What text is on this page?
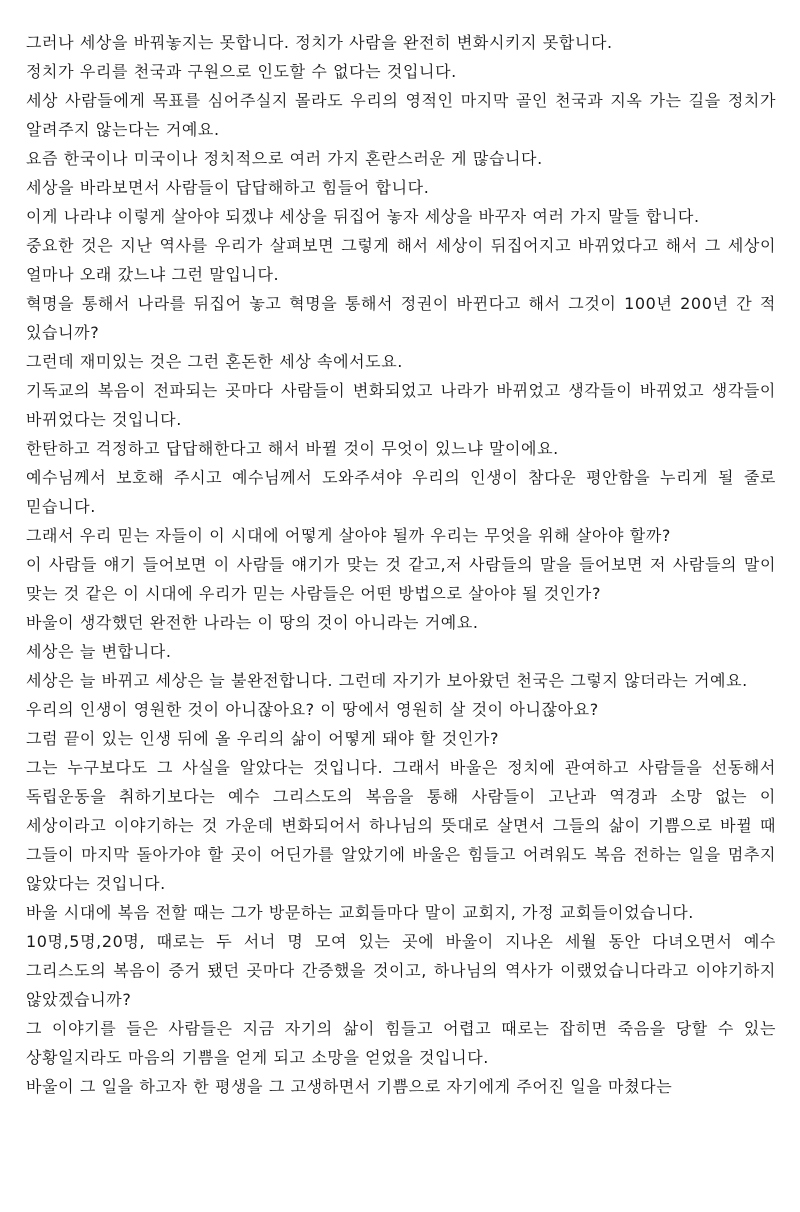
그러나 세상을 바꿔놓지는 못합니다. 정치가 사람을 완전히 변화시키지 못합니다.

정치가 우리를 천국과 구원으로 인도할 수 없다는 것입니다.

세상 사람들에게 목표를 심어주실지 몰라도 우리의 영적인 마지막 골인 천국과 지옥 가는 길을 정치가 알려주지 않는다는 거예요.

요즘 한국이나 미국이나 정치적으로 여러 가지 혼란스러운 게 많습니다.

세상을 바라보면서 사람들이 답답해하고 힘들어 합니다.

이게 나라냐 이렇게 살아야 되겠냐 세상을 뒤집어 놓자 세상을 바꾸자 여러 가지 말들 합니다.

중요한 것은 지난 역사를 우리가 살펴보면 그렇게 해서 세상이 뒤집어지고 바뀌었다고 해서 그 세상이 얼마나 오래 갔느냐 그런 말입니다.

혁명을 통해서 나라를 뒤집어 놓고 혁명을 통해서 정권이 바뀐다고 해서 그것이 100년 200년 간 적 있습니까?

그런데 재미있는 것은 그런 혼돈한 세상 속에서도요.

기독교의 복음이 전파되는 곳마다 사람들이 변화되었고 나라가 바뀌었고 생각들이 바뀌었고 생각들이 바뀌었다는 것입니다.

한탄하고 걱정하고 답답해한다고 해서 바뀔 것이 무엇이 있느냐 말이에요.

예수님께서 보호해 주시고 예수님께서 도와주셔야 우리의 인생이 참다운 평안함을 누리게 될 줄로 믿습니다.

그래서 우리 믿는 자들이 이 시대에 어떻게 살아야 될까 우리는 무엇을 위해 살아야 할까?

이 사람들 얘기 들어보면 이 사람들 얘기가 맞는 것 같고,저 사람들의 말을 들어보면 저 사람들의 말이 맞는 것 같은 이 시대에 우리가 믿는 사람들은 어떤 방법으로 살아야 될 것인가?

바울이 생각했던 완전한 나라는 이 땅의 것이 아니라는 거예요.

세상은 늘 변합니다.

세상은 늘 바뀌고 세상은 늘 불완전합니다. 그런데 자기가 보아왔던 천국은 그렇지 않더라는 거예요.

우리의 인생이 영원한 것이 아니잖아요? 이 땅에서 영원히 살 것이 아니잖아요?

그럼 끝이 있는 인생 뒤에 올 우리의 삶이 어떻게 돼야 할 것인가?

그는 누구보다도 그 사실을 알았다는 것입니다. 그래서 바울은 정치에 관여하고 사람들을 선동해서 독립운동을 취하기보다는 예수 그리스도의 복음을 통해 사람들이 고난과 역경과 소망 없는 이 세상이라고 이야기하는 것 가운데 변화되어서 하나님의 뜻대로 살면서 그들의 삶이 기쁨으로 바뀔 때 그들이 마지막 돌아가야 할 곳이 어딘가를 알았기에 바울은 힘들고 어려워도 복음 전하는 일을 멈추지 않았다는 것입니다.

바울 시대에 복음 전할 때는 그가 방문하는 교회들마다 말이 교회지, 가정 교회들이었습니다.

10명,5명,20명, 때로는 두 서너 명 모여 있는 곳에 바울이 지나온 세월 동안 다녀오면서 예수 그리스도의 복음이 증거 됐던 곳마다 간증했을 것이고, 하나님의 역사가 이랬었습니다라고 이야기하지 않았겠습니까?

그 이야기를 들은 사람들은 지금 자기의 삶이 힘들고 어렵고 때로는 잡히면 죽음을 당할 수 있는 상황일지라도 마음의 기쁨을 얻게 되고 소망을 얻었을 것입니다.

바울이 그 일을 하고자 한 평생을 그 고생하면서 기쁨으로 자기에게 주어진 일을 마쳤다는
